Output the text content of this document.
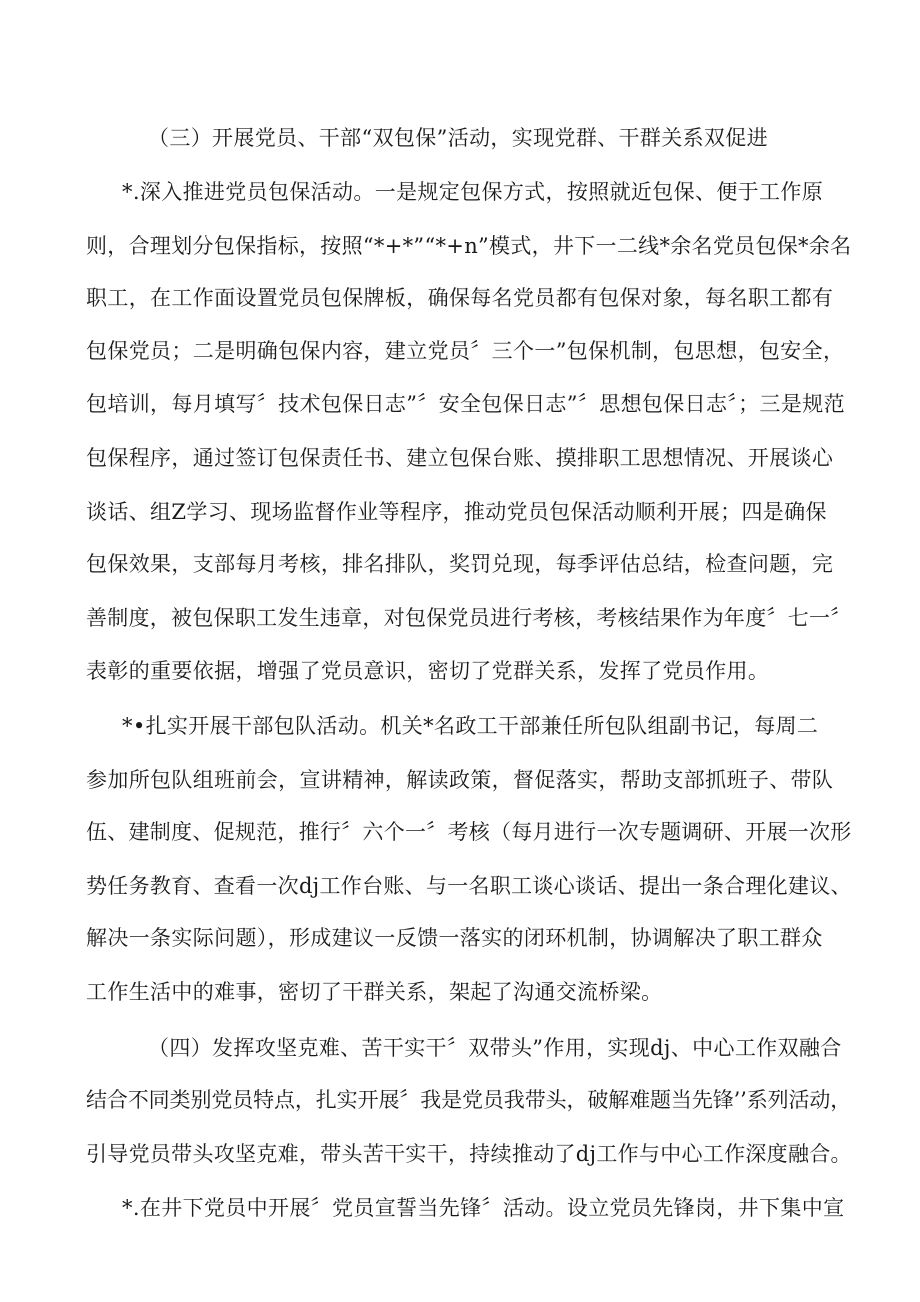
（三）开展党员、干部“双包保”活动，实现党群、干群关系双促进
*.深入推进党员包保活动。一是规定包保方式，按照就近包保、便于工作原
则，合理划分包保指标，按照“*+*”“*+n”模式，井下一二线*余名党员包保*余名
职工，在工作面设置党员包保牌板，确保每名党员都有包保对象，每名职工都有
包保党员；二是明确包保内容，建立党员〞三个一”包保机制，包思想，包安全，
包培训，每月填写〞技术包保日志”〞安全包保日志”〞思想包保日志〞；三是规范
包保程序，通过签订包保责任书、建立包保台账、摸排职工思想情况、开展谈心
谈话、组Z学习、现场监督作业等程序，推动党员包保活动顺利开展；四是确保
包保效果，支部每月考核，排名排队，奖罚兑现，每季评估总结，检查问题，完
善制度，被包保职工发生违章，对包保党员进行考核，考核结果作为年度〞七一〞
表彰的重要依据，增强了党员意识，密切了党群关系，发挥了党员作用。
*•扎实开展干部包队活动。机关*名政工干部兼任所包队组副书记，每周二
参加所包队组班前会，宣讲精神，解读政策，督促落实，帮助支部抓班子、带队
伍、建制度、促规范，推行〞六个一〞考核（每月进行一次专题调研、开展一次形
势任务教育、查看一次dj工作台账、与一名职工谈心谈话、提出一条合理化建议、
解决一条实际问题），形成建议一反馈一落实的闭环机制，协调解决了职工群众
工作生活中的难事，密切了干群关系，架起了沟通交流桥梁。
（四）发挥攻坚克难、苦干实干〞双带头”作用，实现dj、中心工作双融合
结合不同类别党员特点，扎实开展〞我是党员我带头，破解难题当先锋’’系列活动，
引导党员带头攻坚克难，带头苦干实干，持续推动了dj工作与中心工作深度融合。
*.在井下党员中开展〞党员宣誓当先锋〞活动。设立党员先锋岗，井下集中宣
